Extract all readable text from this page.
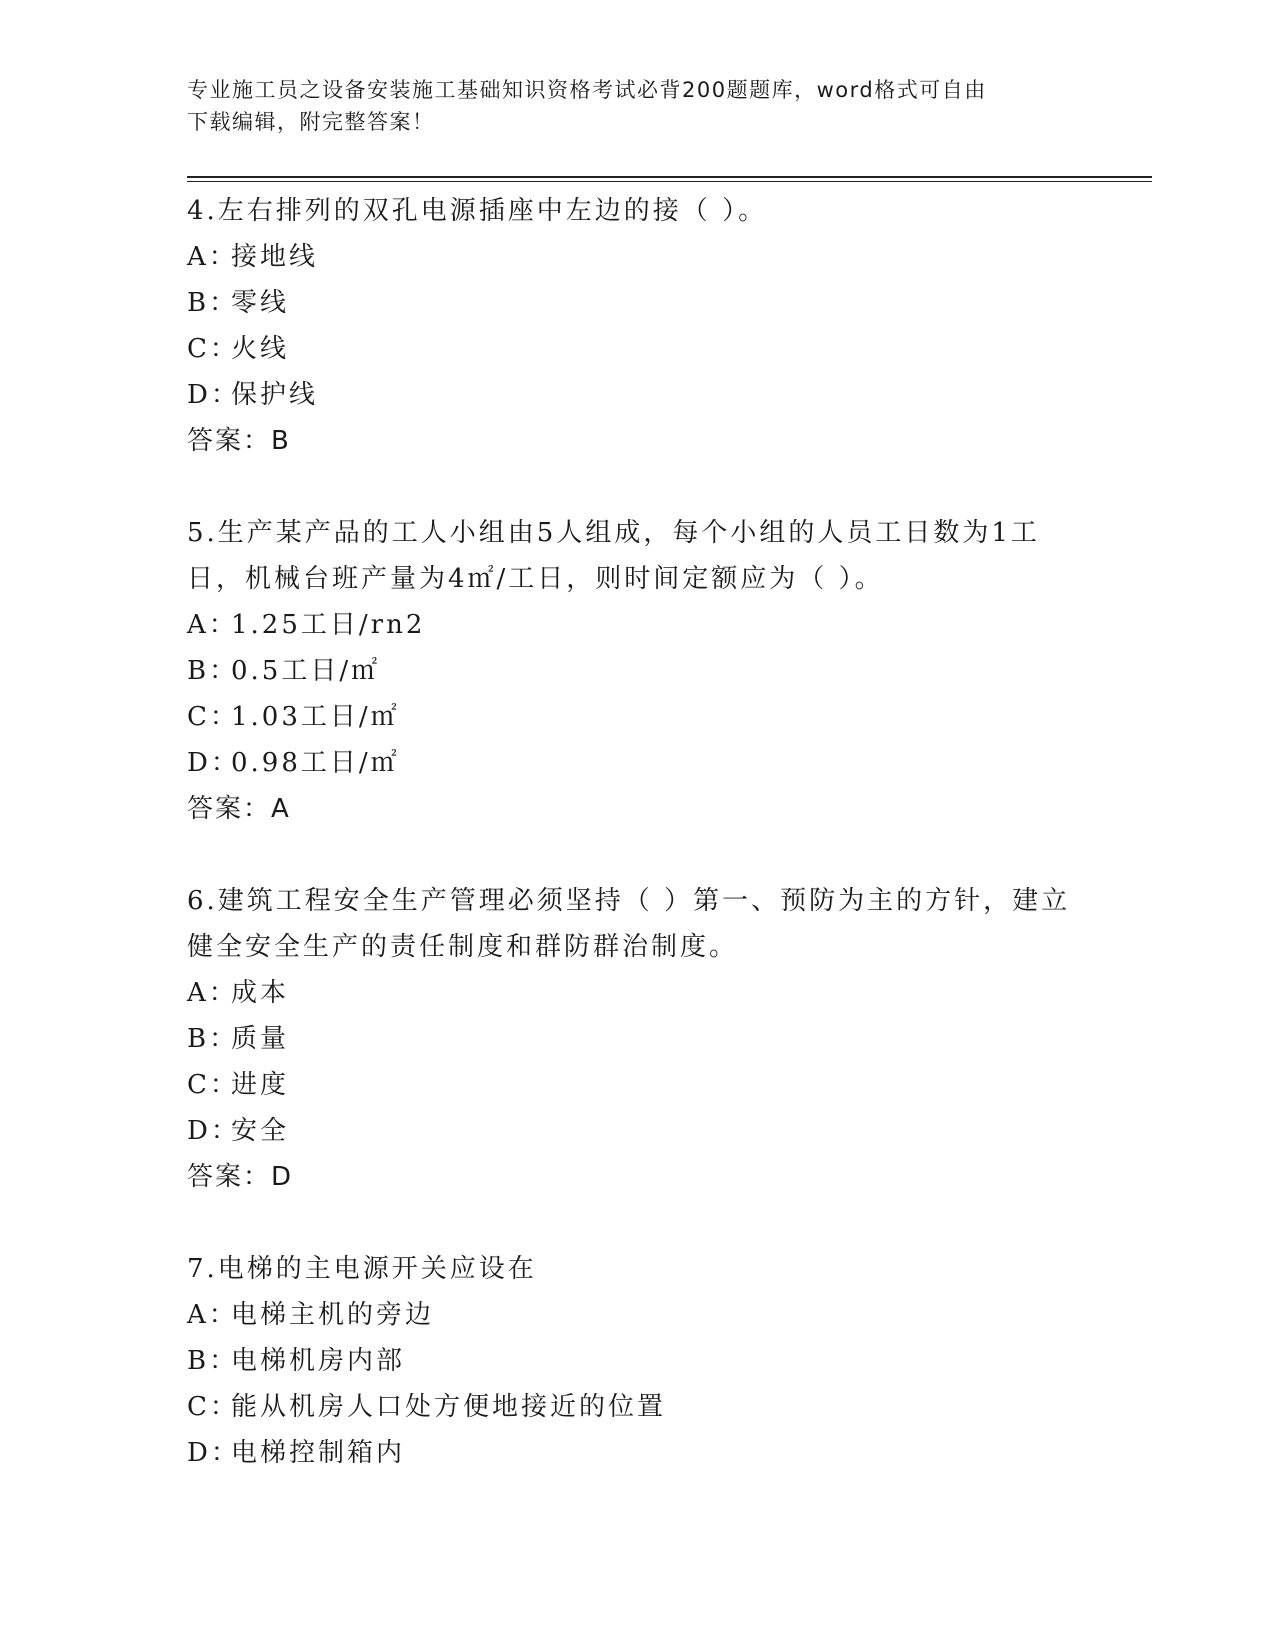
专业施工员之设备安装施工基础知识资格考试必背200题题库，word格式可自由
下载编辑，附完整答案！

4.左右排列的双孔电源插座中左边的接（ ）。

A：接地线

B：零线

C：火线

D：保护线

答案：B

5.生产某产品的工人小组由5人组成，每个小组的人员工日数为1工日，机械台班产量为4㎡/工日，则时间定额应为（ ）。

A：1.25工日/rn2

B：0.5工日/㎡

C：1.03工日/㎡

D：0.98工日/㎡

答案：A

6.建筑工程安全生产管理必须坚持（ ）第一、预防为主的方针，建立健全安全生产的责任制度和群防群治制度。

A：成本

B：质量

C：进度

D：安全

答案：D

7.电梯的主电源开关应设在

A：电梯主机的旁边

B：电梯机房内部

C：能从机房人口处方便地接近的位置

D：电梯控制箱内
